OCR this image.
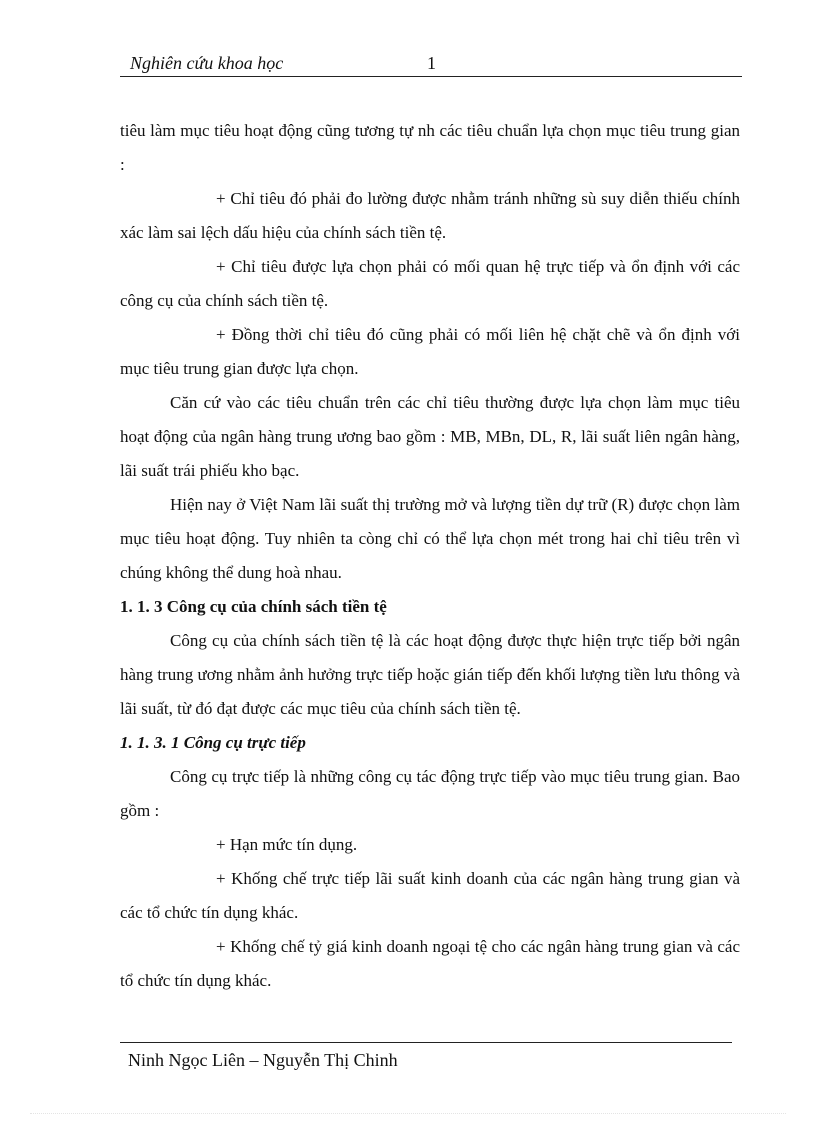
Nghiên cứu khoa học	1

tiêu làm mục tiêu hoạt động cũng tương tự nh các tiêu chuẩn lựa chọn mục tiêu trung gian :

+ Chỉ tiêu đó phải đo lường được nhằm tránh những sù suy diễn thiếu chính xác làm sai lệch dấu hiệu của chính sách tiền tệ.

+ Chỉ tiêu được lựa chọn phải có mối quan hệ trực tiếp và ổn định với các công cụ của chính sách tiền tệ.

+ Đồng thời chỉ tiêu đó cũng phải có mối liên hệ chặt chẽ và ổn định với mục tiêu trung gian được lựa chọn.

Căn cứ vào các tiêu chuẩn trên các chỉ tiêu thường được lựa chọn làm mục tiêu hoạt động của ngân hàng trung ương bao gồm : MB, MBn, DL, R, lãi suất liên ngân hàng, lãi suất trái phiếu kho bạc.

Hiện nay ở Việt Nam lãi suất thị trường mở và lượng tiền dự trữ (R) được chọn làm mục tiêu hoạt động. Tuy nhiên ta còng chỉ có thể lựa chọn mét trong hai chỉ tiêu trên vì chúng không thể dung hoà nhau.

1. 1. 3 Công cụ của chính sách tiền tệ

Công cụ của chính sách tiền tệ là các hoạt động được thực hiện trực tiếp bởi ngân hàng trung ương nhằm ảnh hưởng trực tiếp hoặc gián tiếp đến khối lượng tiền lưu thông và lãi suất, từ đó đạt được các mục tiêu của chính sách tiền tệ.

1. 1. 3. 1 Công cụ trực tiếp

Công cụ trực tiếp là những công cụ tác động trực tiếp vào mục tiêu trung gian. Bao gồm :

+ Hạn mức tín dụng.

+ Khống chế trực tiếp lãi suất kinh doanh của các ngân hàng trung gian và các tổ chức tín dụng khác.

+ Khống chế tỷ giá kinh doanh ngoại tệ cho các ngân hàng trung gian và các tổ chức tín dụng khác.

Ninh Ngọc Liên – Nguyễn Thị Chinh
